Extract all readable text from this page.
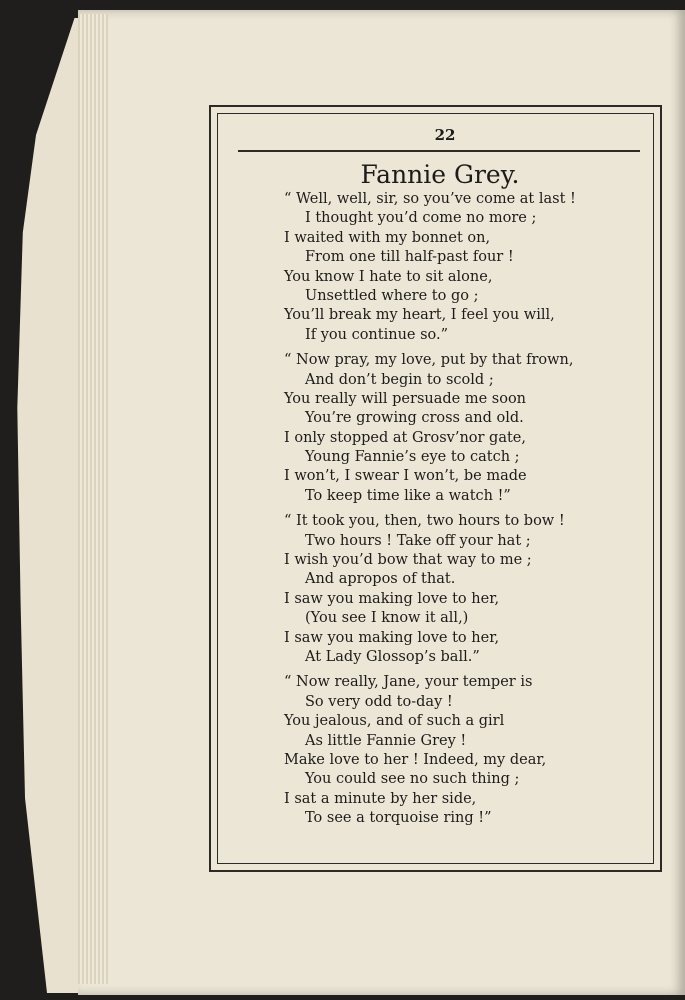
22
Fannie Grey.
“ Well, well, sir, so you’ve come at last !
I thought you’d come no more ;
I waited with my bonnet on,
From one till half-past four !
You know I hate to sit alone,
Unsettled where to go ;
You’ll break my heart, I feel you will,
If you continue so.”
“ Now pray, my love, put by that frown,
And don’t begin to scold ;
You really will persuade me soon
You’re growing cross and old.
I only stopped at Grosv’nor gate,
Young Fannie’s eye to catch ;
I won’t, I swear I won’t, be made
To keep time like a watch !”
“ It took you, then, two hours to bow !
Two hours ! Take off your hat ;
I wish you’d bow that way to me ;
And apropos of that.
I saw you making love to her,
(You see I know it all,)
I saw you making love to her,
At Lady Glossop’s ball.”
“ Now really, Jane, your temper is
So very odd to-day !
You jealous, and of such a girl
As little Fannie Grey !
Make love to her ! Indeed, my dear,
You could see no such thing ;
I sat a minute by her side,
To see a torquoise ring !”
